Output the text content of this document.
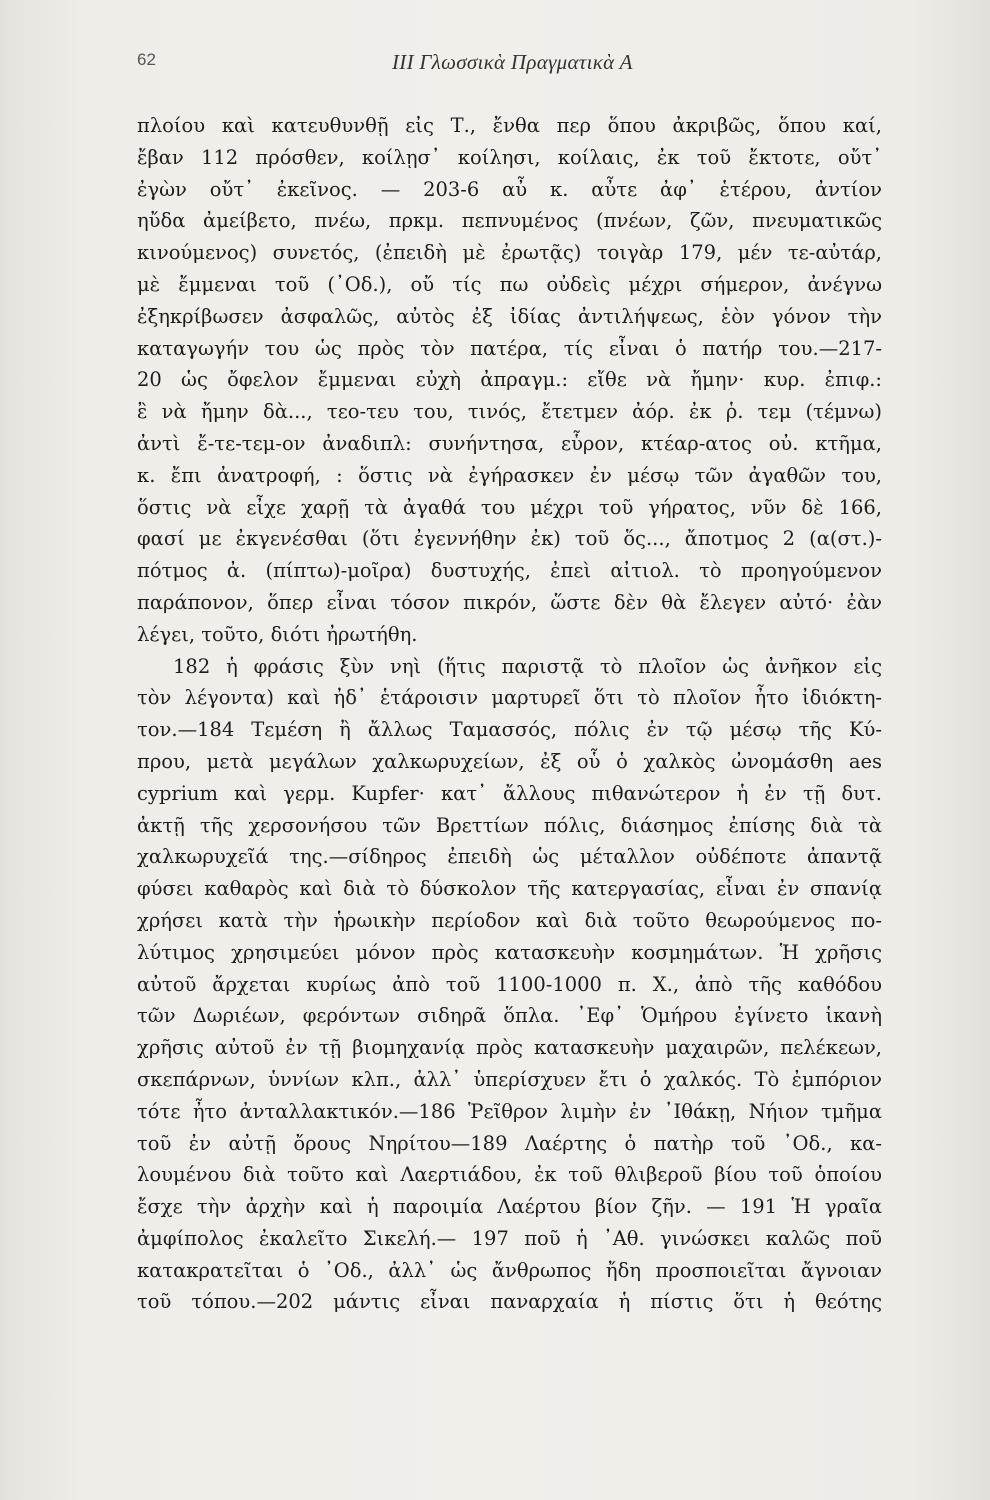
62	ΙΙΙ Γλωσσικὰ Πραγματικὰ Α
πλοίου καὶ κατευθυνθῇ εἰς Τ., ἔνθα περ ὅπου ἀκριβῶς, ὅπου καί,
ἔβαν 112 πρόσθεν, κοίλῃσ᾽ κοίλησι, κοίλαις, ἐκ τοῦ ἔκτοτε, οὔτ᾽
ἐγὼν οὔτ᾽ ἐκεῖνος. — 203-6 αὖ κ. αὖτε ἀφ᾽ ἑτέρου, ἀντίον
ηὔδα ἀμείβετο, πνέω, πρκμ. πεπνυμένος (πνέων, ζῶν, πνευματικῶς
κινούμενος) συνετός, (ἐπειδὴ μὲ ἐρωτᾷς) τοιγὰρ 179, μέν τε-αὐτάρ,
μὲ ἔμμεναι τοῦ (᾽Οδ.), οὔ τίς πω οὐδεὶς μέχρι σήμερον, ἀνέγνω
ἐξηκρίβωσεν ἀσφαλῶς, αὐτὸς ἐξ ἰδίας ἀντιλήψεως, ἑὸν γόνον τὴν
καταγωγήν του ὡς πρὸς τὸν πατέρα, τίς εἶναι ὁ πατήρ του.—217-
20 ὡς ὄφελον ἔμμεναι εὐχὴ ἀπραγμ.: εἴθε νὰ ἤμην· κυρ. ἐπιφ.:
ἒ νὰ ἤμην δὰ..., τεο-τευ του, τινός, ἔτετμεν ἀόρ. ἐκ ῥ. τεμ (τέμνω)
ἀντὶ ἔ-τε-τεμ-ον ἀναδιπλ: συνήντησα, εὗρον, κτέαρ-ατος οὐ. κτῆμα,
κ. ἔπι ἀνατροφή, : ὅστις νὰ ἐγήρασκεν ἐν μέσῳ τῶν ἀγαθῶν του,
ὅστις νὰ εἶχε χαρῇ τὰ ἀγαθά του μέχρι τοῦ γήρατος, νῦν δὲ 166,
φασί με ἐκγενέσθαι (ὅτι ἐγεννήθην ἐκ) τοῦ ὅς..., ἄποτμος 2 (α(στ.)-
πότμος ἀ. (πίπτω)-μοῖρα) δυστυχής, ἐπεὶ αἰτιολ. τὸ προηγούμενον
παράπονον, ὅπερ εἶναι τόσον πικρόν, ὥστε δὲν θὰ ἔλεγεν αὐτό· ἐὰν
λέγει, τοῦτο, διότι ἠρωτήθη.
182 ἡ φράσις ξὺν νηὶ (ἥτις παριστᾷ τὸ πλοῖον ὡς ἀνῆκον εἰς
τὸν λέγοντα) καὶ ἠδ᾽ ἑτάροισιν μαρτυρεῖ ὅτι τὸ πλοῖον ἦτο ἰδιόκτη-
τον.—184 Τεμέση ἢ ἄλλως Ταμασσός, πόλις ἐν τῷ μέσῳ τῆς Κύ-
πρου, μετὰ μεγάλων χαλκωρυχείων, ἐξ οὗ ὁ χαλκὸς ὠνομάσθη aes
cyprium καὶ γερμ. Kupfer· κατ᾽ ἄλλους πιθανώτερον ἡ ἐν τῇ δυτ.
ἀκτῇ τῆς χερσονήσου τῶν Βρεττίων πόλις, διάσημος ἐπίσης διὰ τὰ
χαλκωρυχεῖά της.—σίδηρος ἐπειδὴ ὡς μέταλλον οὐδέποτε ἀπαντᾷ
φύσει καθαρὸς καὶ διὰ τὸ δύσκολον τῆς κατεργασίας, εἶναι ἐν σπανίᾳ
χρήσει κατὰ τὴν ἡρωικὴν περίοδον καὶ διὰ τοῦτο θεωρούμενος πο-
λύτιμος χρησιμεύει μόνον πρὸς κατασκευὴν κοσμημάτων. Ἡ χρῆσις
αὐτοῦ ἄρχεται κυρίως ἀπὸ τοῦ 1100-1000 π. Χ., ἀπὸ τῆς καθόδου
τῶν Δωριέων, φερόντων σιδηρᾶ ὅπλα. ᾽Εφ᾽ Ὁμήρου ἐγίνετο ἱκανὴ
χρῆσις αὐτοῦ ἐν τῇ βιομηχανίᾳ πρὸς κατασκευὴν μαχαιρῶν, πελέκεων,
σκεπάρνων, ὑννίων κλπ., ἀλλ᾽ ὑπερίσχυεν ἔτι ὁ χαλκός. Τὸ ἐμπόριον
τότε ἦτο ἀνταλλακτικόν.—186 Ῥεῖθρον λιμὴν ἐν ᾽Ιθάκῃ, Νήιον τμῆμα
τοῦ ἐν αὐτῇ ὄρους Νηρίτου—189 Λαέρτης ὁ πατὴρ τοῦ ᾽Οδ., κα-
λουμένου διὰ τοῦτο καὶ Λαερτιάδου, ἐκ τοῦ θλιβεροῦ βίου τοῦ ὁποίου
ἔσχε τὴν ἀρχὴν καὶ ἡ παροιμία Λαέρτου βίον ζῆν. — 191 Ἡ γραῖα
ἀμφίπολος ἐκαλεῖτο Σικελή.— 197 ποῦ ἡ ᾽Αθ. γινώσκει καλῶς ποῦ
κατακρατεῖται ὁ ᾽Οδ., ἀλλ᾽ ὡς ἄνθρωπος ἤδη προσποιεῖται ἄγνοιαν
τοῦ τόπου.—202 μάντις εἶναι παναρχαία ἡ πίστις ὅτι ἡ θεότης
